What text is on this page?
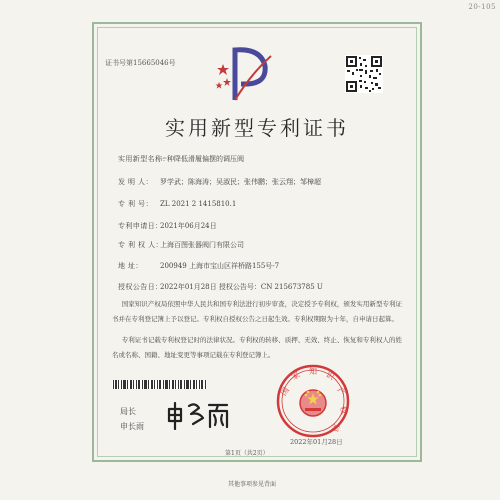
20-105
证书号第15665046号
实用新型专利证书
实用新型名称：一种降低滑履偏摆的调压阀
发 明 人： 罗学武；陈海涛；吴淑民；张伟鹏；张云翔；邹樟超
专 利 号： ZL 2021 2 1415810.1
专利申请日：2021年06月24日
专 利 权 人：上海百图张器阀门有限公司
地 址： 200949 上海市宝山区祥桥路155号-7
授权公告日：2022年01月28日 授权公告号：CN 215673785 U
国家知识产权局依照中华人民共和国专利法进行初步审查，决定授予专利权，颁发实用新型专利证书并在专利登记簿上予以登记。专利权自授权公告之日起生效。专利权期限为十年，自申请日起算。
专利证书记载专利权登记时的法律状况。专利权的转移、质押、无效、终止、恢复和专利权人的姓名或名称、国籍、地址变更等事项记载在专利登记簿上。
局长
申长雨
国
家 知 识
产
权
局
2022年01月28日
第1页（共2页）
其他事项参见背面
